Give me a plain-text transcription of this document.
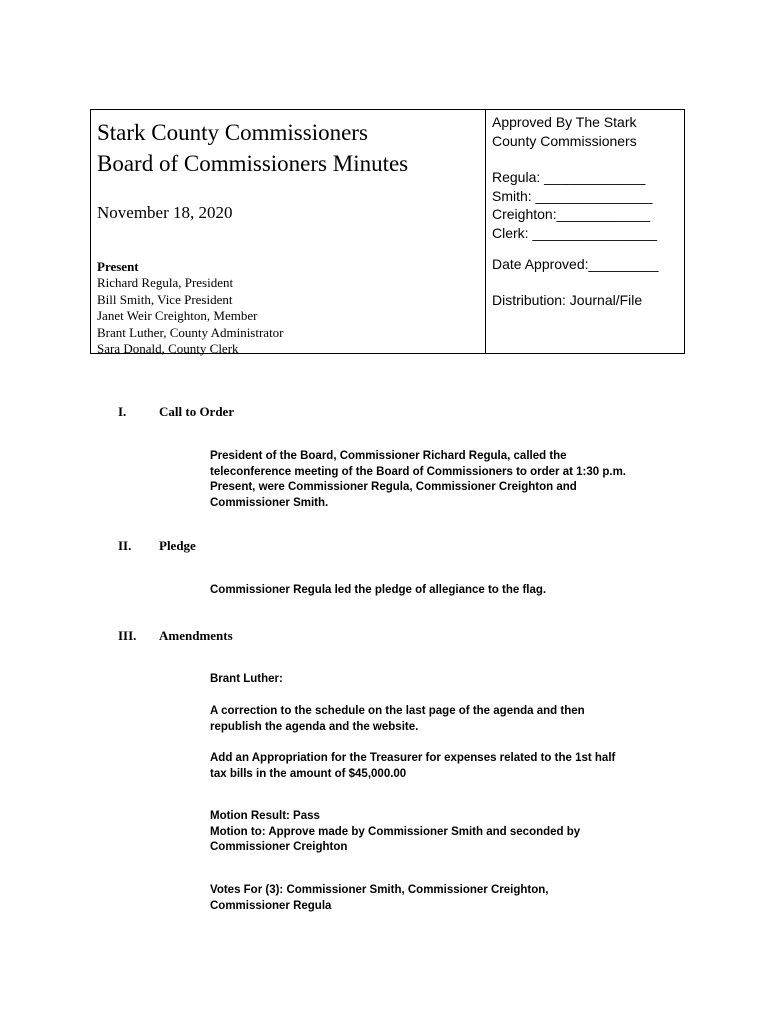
Stark County Commissioners
Board of Commissioners Minutes
November 18, 2020
Present
Richard Regula, President
Bill Smith, Vice President
Janet Weir Creighton, Member
Brant Luther, County Administrator
Sara Donald, County Clerk
Approved By The Stark
County Commissioners
Regula: _____________
Smith: _______________
Creighton:____________
Clerk: ________________
Date Approved:_________
Distribution: Journal/File
I.	Call to Order
President of the Board, Commissioner Richard Regula, called the
teleconference meeting of the Board of Commissioners to order at 1:30 p.m.
Present, were Commissioner Regula, Commissioner Creighton and
Commissioner Smith.
II. Pledge
Commissioner Regula led the pledge of allegiance to the flag.
III. Amendments
Brant Luther:
A correction to the schedule on the last page of the agenda and then
republish the agenda and the website.
Add an Appropriation for the Treasurer for expenses related to the 1st half
tax bills in the amount of $45,000.00
Motion Result: Pass
Motion to: Approve made by Commissioner Smith and seconded by
Commissioner Creighton
Votes For (3): Commissioner Smith, Commissioner Creighton,
Commissioner Regula
